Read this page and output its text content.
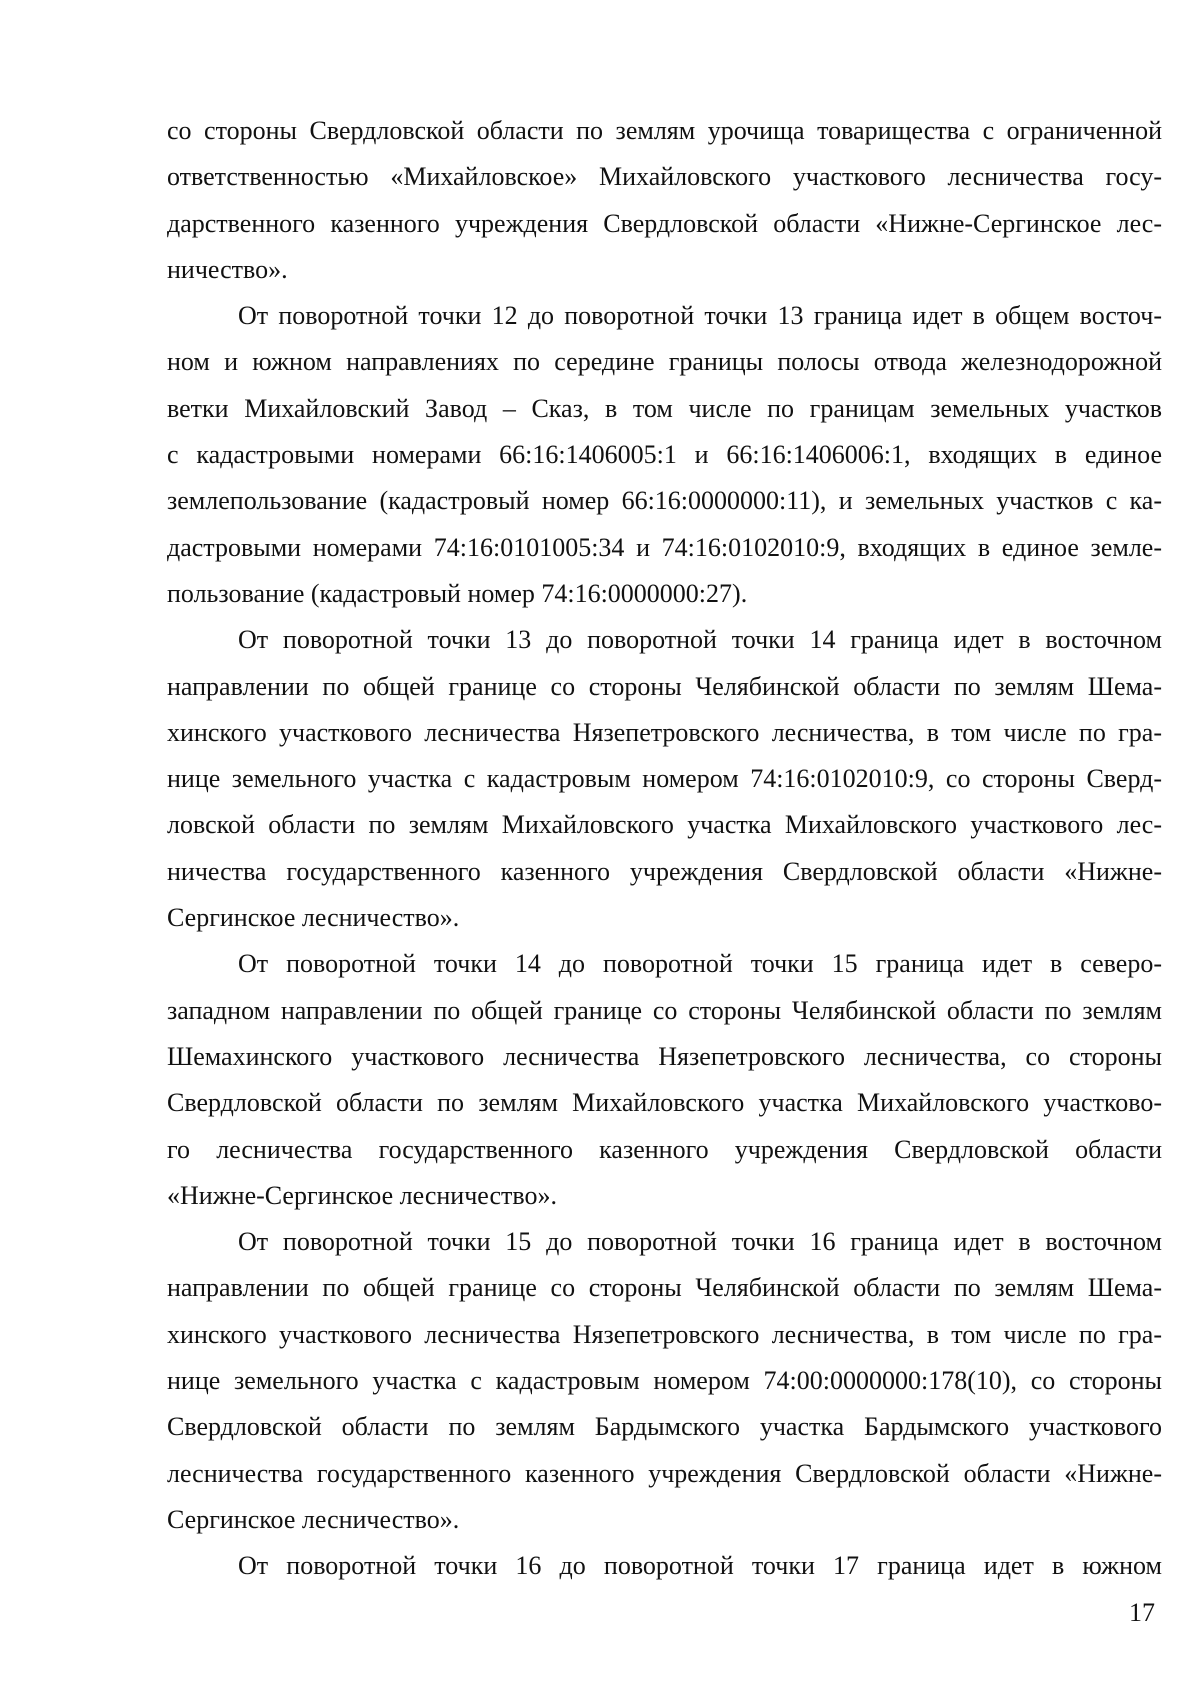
со стороны Свердловской области по землям урочища товарищества с ограниченной
ответственностью «Михайловское» Михайловского участкового лесничества госу-
дарственного казенного учреждения Свердловской области «Нижне-Сергинское лес-
ничество».
От поворотной точки 12 до поворотной точки 13 граница идет в общем восточ-
ном и южном направлениях по середине границы полосы отвода железнодорожной
ветки Михайловский Завод – Сказ, в том числе по границам земельных участков
с кадастровыми номерами 66:16:1406005:1 и 66:16:1406006:1, входящих в единое
землепользование (кадастровый номер 66:16:0000000:11), и земельных участков с ка-
дастровыми номерами 74:16:0101005:34 и 74:16:0102010:9, входящих в единое земле-
пользование (кадастровый номер 74:16:0000000:27).
От поворотной точки 13 до поворотной точки 14 граница идет в восточном
направлении по общей границе со стороны Челябинской области по землям Шема-
хинского участкового лесничества Нязепетровского лесничества, в том числе по гра-
нице земельного участка с кадастровым номером 74:16:0102010:9, со стороны Сверд-
ловской области по землям Михайловского участка Михайловского участкового лес-
ничества государственного казенного учреждения Свердловской области «Нижне-
Сергинское лесничество».
От поворотной точки 14 до поворотной точки 15 граница идет в северо-
западном направлении по общей границе со стороны Челябинской области по землям
Шемахинского участкового лесничества Нязепетровского лесничества, со стороны
Свердловской области по землям Михайловского участка Михайловского участково-
го лесничества государственного казенного учреждения Свердловской области
«Нижне-Сергинское лесничество».
От поворотной точки 15 до поворотной точки 16 граница идет в восточном
направлении по общей границе со стороны Челябинской области по землям Шема-
хинского участкового лесничества Нязепетровского лесничества, в том числе по гра-
нице земельного участка с кадастровым номером 74:00:0000000:178(10), со стороны
Свердловской области по землям Бардымского участка Бардымского участкового
лесничества государственного казенного учреждения Свердловской области «Нижне-
Сергинское лесничество».
От поворотной точки 16 до поворотной точки 17 граница идет в южном
17
